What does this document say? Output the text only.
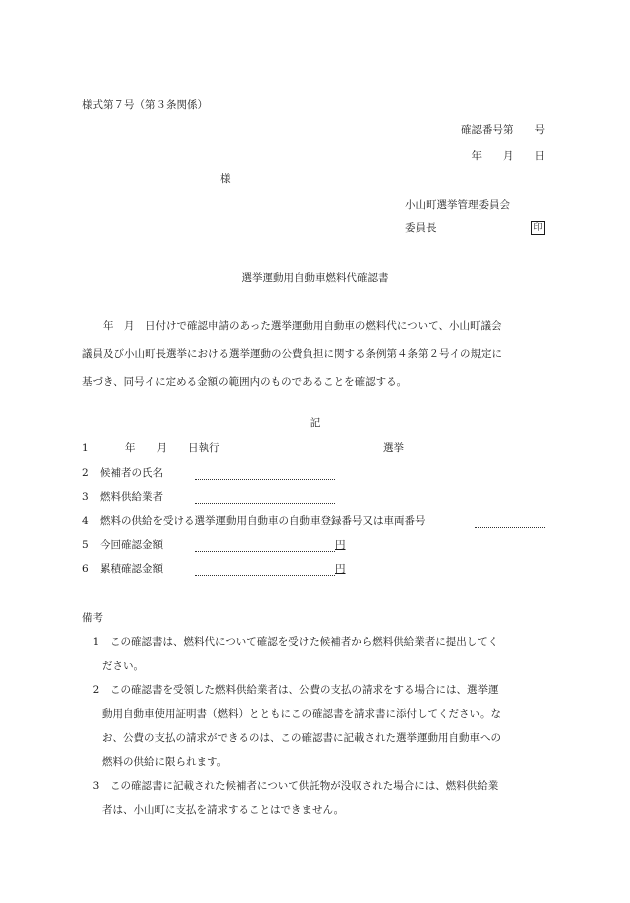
様式第７号（第３条関係）
確認番号第　　号
年　　月　　日
様
小山町選挙管理委員会
委員長	印
選挙運動用自動車燃料代確認書
年　月　日付けで確認申請のあった選挙運動用自動車の燃料代について、小山町議会
議員及び小山町長選挙における選挙運動の公費負担に関する条例第４条第２号イの規定に
基づき、同号イに定める金額の範囲内のものであることを確認する。
記
1	年　　月　　日執行	選挙
2 候補者の氏名
3 燃料供給業者
4 燃料の供給を受ける選挙運動用自動車の自動車登録番号又は車両番号
5 今回確認金額	円
6 累積確認金額	円
備考
1 この確認書は、燃料代について確認を受けた候補者から燃料供給業者に提出してく
ださい。
2 この確認書を受領した燃料供給業者は、公費の支払の請求をする場合には、選挙運
動用自動車使用証明書（燃料）とともにこの確認書を請求書に添付してください。な
お、公費の支払の請求ができるのは、この確認書に記載された選挙運動用自動車への
燃料の供給に限られます。
3 この確認書に記載された候補者について供託物が没収された場合には、燃料供給業
者は、小山町に支払を請求することはできません。
